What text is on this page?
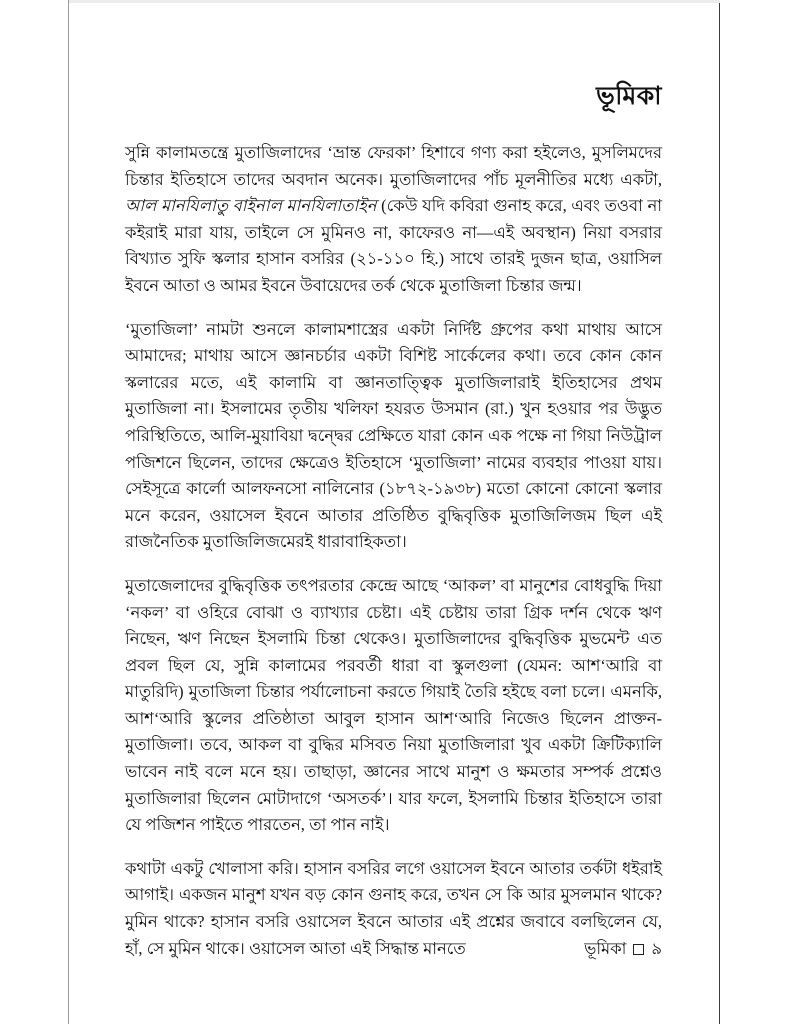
ভূমিকা

সুন্নি কালামতন্ত্রে মুতাজিলাদের ‘ভ্রান্ত ফেরকা’ হিশাবে গণ্য করা হইলেও, মুসলিমদের চিন্তার ইতিহাসে তাদের অবদান অনেক। মুতাজিলাদের পাঁচ মূলনীতির মধ্যে একটা, আল মানযিলাতু বাইনাল মানযিলাতাইন (কেউ যদি কবিরা গুনাহ করে, এবং তওবা না কইরাই মারা যায়, তাইলে সে মুমিনও না, কাফেরও না—এই অবস্থান) নিয়া বসরার বিখ্যাত সুফি স্কলার হাসান বসরির (২১-১১০ হি.) সাথে তারই দুজন ছাত্র, ওয়াসিল ইবনে আতা ও আমর ইবনে উবায়েদের তর্ক থেকে মুতাজিলা চিন্তার জন্ম।

‘মুতাজিলা’ নামটা শুনলে কালামশাস্ত্রের একটা নির্দিষ্ট গ্রুপের কথা মাথায় আসে আমাদের; মাথায় আসে জ্ঞানচর্চার একটা বিশিষ্ট সার্কেলের কথা। তবে কোন কোন স্কলারের মতে, এই কালামি বা জ্ঞানতাত্ত্বিক মুতাজিলারাই ইতিহাসের প্রথম মুতাজিলা না। ইসলামের তৃতীয় খলিফা হযরত উসমান (রা.) খুন হওয়ার পর উদ্ভুত পরিস্থিতিতে, আলি-মুয়াবিয়া দ্বন্দ্বের প্রেক্ষিতে যারা কোন এক পক্ষে না গিয়া নিউট্রাল পজিশনে ছিলেন, তাদের ক্ষেত্রেও ইতিহাসে ‘মুতাজিলা’ নামের ব্যবহার পাওয়া যায়। সেইসূত্রে কার্লো আলফনসো নালিনোর (১৮৭২-১৯৩৮) মতো কোনো কোনো স্কলার মনে করেন, ওয়াসেল ইবনে আতার প্রতিষ্ঠিত বুদ্ধিবৃত্তিক মুতাজিলিজম ছিল এই রাজনৈতিক মুতাজিলিজমেরই ধারাবাহিকতা।

মুতাজেলাদের বুদ্ধিবৃত্তিক তৎপরতার কেন্দ্রে আছে ‘আকল’ বা মানুশের বোধবুদ্ধি দিয়া ‘নকল’ বা ওহিরে বোঝা ও ব্যাখ্যার চেষ্টা। এই চেষ্টায় তারা গ্রিক দর্শন থেকে ঋণ নিছেন, ঋণ নিছেন ইসলামি চিন্তা থেকেও। মুতাজিলাদের বুদ্ধিবৃত্তিক মুভমেন্ট এত প্রবল ছিল যে, সুন্নি কালামের পরবর্তী ধারা বা স্কুলগুলা (যেমন: আশ‘আরি বা মাতুরিদি) মুতাজিলা চিন্তার পর্যালোচনা করতে গিয়াই তৈরি হইছে বলা চলে। এমনকি, আশ‘আরি স্কুলের প্রতিষ্ঠাতা আবুল হাসান আশ‘আরি নিজেও ছিলেন প্রাক্তন-মুতাজিলা। তবে, আকল বা বুদ্ধির মসিবত নিয়া মুতাজিলারা খুব একটা ক্রিটিক্যালি ভাবেন নাই বলে মনে হয়। তাছাড়া, জ্ঞানের সাথে মানুশ ও ক্ষমতার সম্পর্ক প্রশ্নেও মুতাজিলারা ছিলেন মোটাদাগে ‘অসতর্ক’। যার ফলে, ইসলামি চিন্তার ইতিহাসে তারা যে পজিশন পাইতে পারতেন, তা পান নাই।

কথাটা একটু খোলাসা করি। হাসান বসরির লগে ওয়াসেল ইবনে আতার তর্কটা ধইরাই আগাই। একজন মানুশ যখন বড় কোন গুনাহ করে, তখন সে কি আর মুসলমান থাকে? মুমিন থাকে? হাসান বসরি ওয়াসেল ইবনে আতার এই প্রশ্নের জবাবে বলছিলেন যে, হাঁ, সে মুমিন থাকে। ওয়াসেল আতা এই সিদ্ধান্ত মানতে	ভূমিকা ৯
